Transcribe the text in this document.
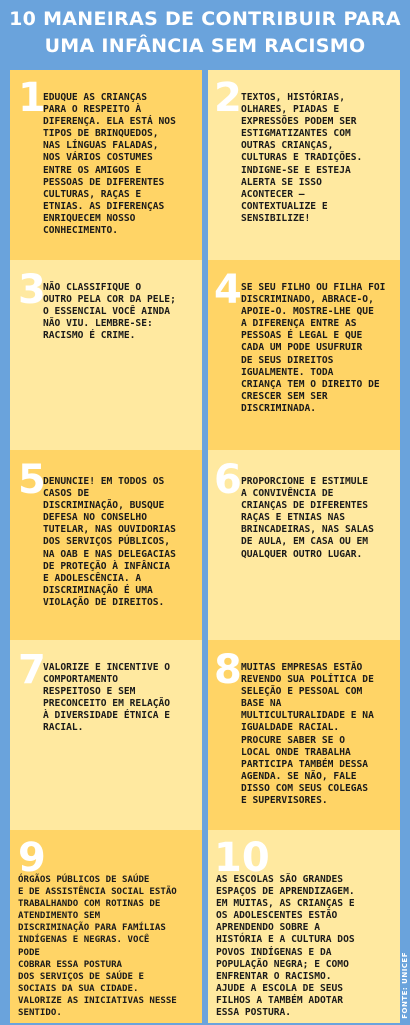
10 MANEIRAS DE CONTRIBUIR PARA
UMA INFÂNCIA SEM RACISMO
1
EDUQUE AS CRIANÇAS
PARA O RESPEITO À
DIFERENÇA. ELA ESTÁ NOS
TIPOS DE BRINQUEDOS,
NAS LÍNGUAS FALADAS,
NOS VÁRIOS COSTUMES
ENTRE OS AMIGOS E
PESSOAS DE DIFERENTES
CULTURAS, RAÇAS E
ETNIAS. AS DIFERENÇAS
ENRIQUECEM NOSSO
CONHECIMENTO.
2 TEXTOS, HISTÓRIAS,
OLHARES, PIADAS E
EXPRESSÕES PODEM SER
ESTIGMATIZANTES COM
OUTRAS CRIANÇAS,
CULTURAS E TRADIÇÕES.
INDIGNE-SE E ESTEJA
ALERTA SE ISSO
ACONTECER –
CONTEXTUALIZE E
SENSIBILIZE!
3
NÃO CLASSIFIQUE O
OUTRO PELA COR DA PELE;
O ESSENCIAL VOCÊ AINDA
NÃO VIU. LEMBRE-SE:
RACISMO É CRIME.
4 SE SEU FILHO OU FILHA FOI
DISCRIMINADO, ABRACE-O,
APOIE-O. MOSTRE-LHE QUE
A DIFERENÇA ENTRE AS
PESSOAS É LEGAL E QUE
CADA UM PODE USUFRUIR
DE SEUS DIREITOS
IGUALMENTE. TODA
CRIANÇA TEM O DIREITO DE
CRESCER SEM SER
DISCRIMINADA.
5
DENUNCIE! EM TODOS OS
CASOS DE
DISCRIMINAÇÃO, BUSQUE
DEFESA NO CONSELHO
TUTELAR, NAS OUVIDORIAS
DOS SERVIÇOS PÚBLICOS,
NA OAB E NAS DELEGACIAS
DE PROTEÇÃO À INFÂNCIA
E ADOLESCÊNCIA. A
DISCRIMINAÇÃO É UMA
VIOLAÇÃO DE DIREITOS.
6 PROPORCIONE E ESTIMULE
A CONVIVÊNCIA DE
CRIANÇAS DE DIFERENTES
RAÇAS E ETNIAS NAS
BRINCADEIRAS, NAS SALAS
DE AULA, EM CASA OU EM
QUALQUER OUTRO LUGAR.
7
VALORIZE E INCENTIVE O
COMPORTAMENTO
RESPEITOSO E SEM
PRECONCEITO EM RELAÇÃO
À DIVERSIDADE ÉTNICA E
RACIAL.
8 MUITAS EMPRESAS ESTÃO
REVENDO SUA POLÍTICA DE
SELEÇÃO E PESSOAL COM
BASE NA
MULTICULTURALIDADE E NA
IGUALDADE RACIAL.
PROCURE SABER SE O
LOCAL ONDE TRABALHA
PARTICIPA TAMBÉM DESSA
AGENDA. SE NÃO, FALE
DISSO COM SEUS COLEGAS
E SUPERVISORES.
9
ÓRGÃOS PÚBLICOS DE SAÚDE
E DE ASSISTÊNCIA SOCIAL ESTÃO
TRABALHANDO COM ROTINAS DE
ATENDIMENTO SEM
DISCRIMINAÇÃO PARA FAMÍLIAS
INDÍGENAS E NEGRAS. VOCÊ
PODE
COBRAR ESSA POSTURA
DOS SERVIÇOS DE SAÚDE E
SOCIAIS DA SUA CIDADE.
VALORIZE AS INICIATIVAS NESSE
SENTIDO.
10
AS ESCOLAS SÃO GRANDES
ESPAÇOS DE APRENDIZAGEM.
EM MUITAS, AS CRIANÇAS E
OS ADOLESCENTES ESTÃO
APRENDENDO SOBRE A
HISTÓRIA E A CULTURA DOS
POVOS INDÍGENAS E DA
POPULAÇÃO NEGRA; E COMO
ENFRENTAR O RACISMO.
AJUDE A ESCOLA DE SEUS
FILHOS A TAMBÉM ADOTAR
ESSA POSTURA.	FONTE: UNICEF
